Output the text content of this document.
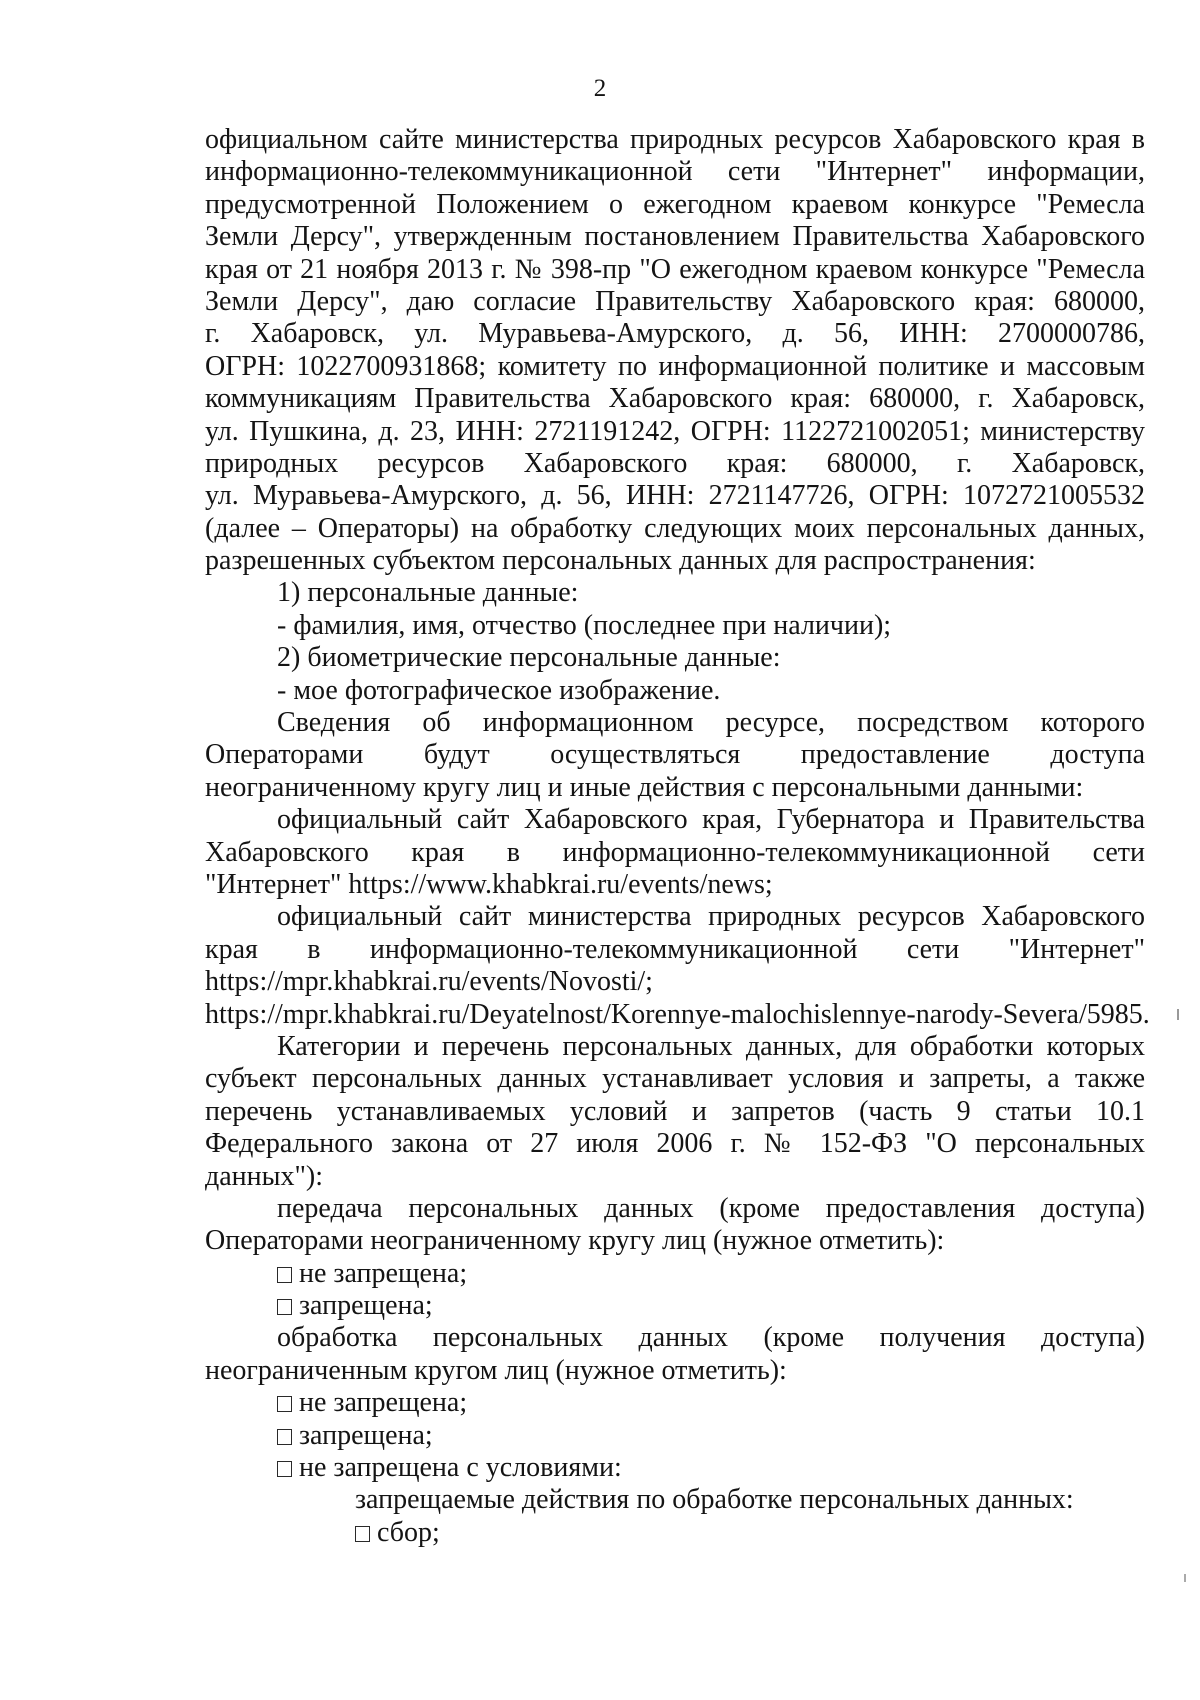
2
официальном сайте министерства природных ресурсов Хабаровского края в
информационно-телекоммуникационной сети "Интернет" информации,
предусмотренной Положением о ежегодном краевом конкурсе "Ремесла
Земли Дерсу", утвержденным постановлением Правительства Хабаровского
края от 21 ноября 2013 г. № 398-пр "О ежегодном краевом конкурсе "Ремесла
Земли Дерсу", даю согласие Правительству Хабаровского края: 680000,
г. Хабаровск, ул. Муравьева-Амурского, д. 56, ИНН: 2700000786,
ОГРН: 1022700931868; комитету по информационной политике и массовым
коммуникациям Правительства Хабаровского края: 680000, г. Хабаровск,
ул. Пушкина, д. 23, ИНН: 2721191242, ОГРН: 1122721002051; министерству
природных ресурсов Хабаровского края: 680000, г. Хабаровск,
ул. Муравьева-Амурского, д. 56, ИНН: 2721147726, ОГРН: 1072721005532
(далее – Операторы) на обработку следующих моих персональных данных,
разрешенных субъектом персональных данных для распространения:
1) персональные данные:
- фамилия, имя, отчество (последнее при наличии);
2) биометрические персональные данные:
- мое фотографическое изображение.
Сведения об информационном ресурсе, посредством которого
Операторами будут осуществляться предоставление доступа
неограниченному кругу лиц и иные действия с персональными данными:
официальный сайт Хабаровского края, Губернатора и Правительства
Хабаровского края в информационно-телекоммуникационной сети
"Интернет" https://www.khabkrai.ru/events/news;
официальный сайт министерства природных ресурсов Хабаровского
края в информационно-телекоммуникационной сети "Интернет"
https://mpr.khabkrai.ru/events/Novosti/;
https://mpr.khabkrai.ru/Deyatelnost/Korennye-malochislennye-narody-Severa/5985.
Категории и перечень персональных данных, для обработки которых
субъект персональных данных устанавливает условия и запреты, а также
перечень устанавливаемых условий и запретов (часть 9 статьи 10.1
Федерального закона от 27 июля 2006 г. № 152-ФЗ "О персональных
данных"):
передача персональных данных (кроме предоставления доступа)
Операторами неограниченному кругу лиц (нужное отметить):
не запрещена;
запрещена;
обработка персональных данных (кроме получения доступа)
неограниченным кругом лиц (нужное отметить):
не запрещена;
запрещена;
не запрещена с условиями:
запрещаемые действия по обработке персональных данных:
сбор;
